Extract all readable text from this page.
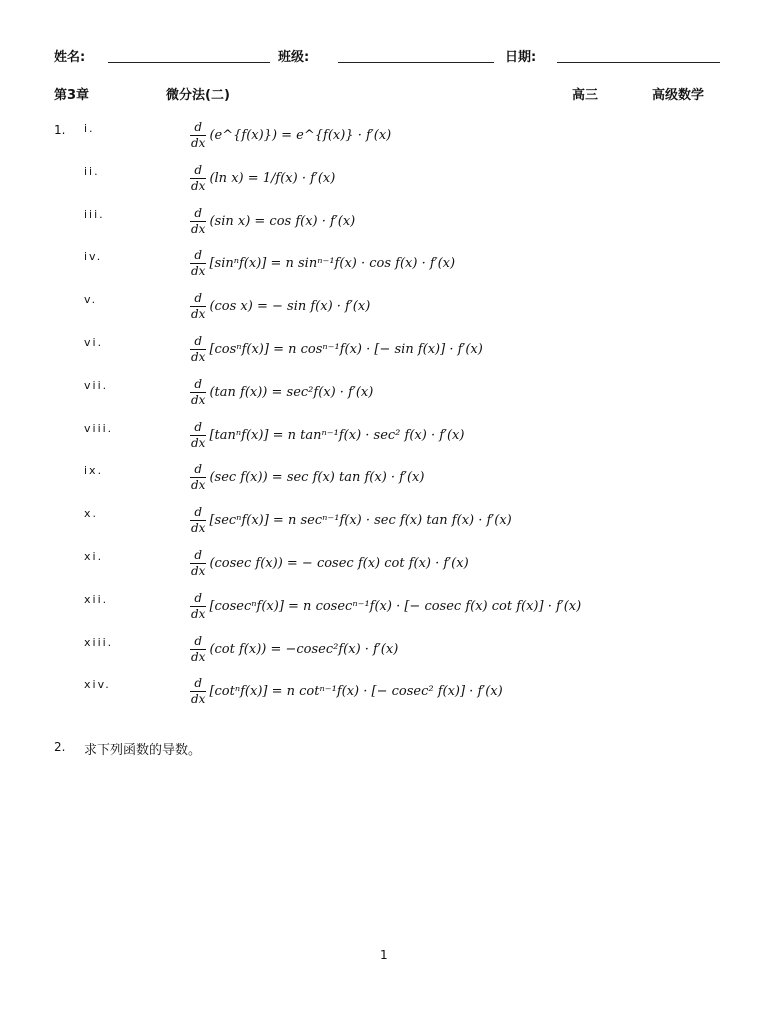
姓名:	班级:	日期:
第3章	微分法(二)	高三	高级数学
1. i.	$\frac{d}{dx}$ (e^{f(x)}) = e^{f(x)} · f′(x)
ii.	$\frac{d}{dx} (\ln$ x) = 1/f(x) · f′(x)
iii.	$\frac{d}{dx} (\sin$ x) = cos f(x) · f′(x)
iv.	$\frac{d}{dx} [\sin^nf(x)] = n$ sinⁿ⁻¹f(x) · cos f(x) · f′(x)
v.	$\frac{d}{dx} (\cos$ x) = − sin f(x) · f′(x)
vi.	$\frac{d}{dx} [\cos^nf(x)] = n$ cosⁿ⁻¹f(x) · [− sin f(x)] · f′(x)
vii.	$\frac{d}{dx} (\tan$ f(x)) = sec²f(x) · f′(x)
viii.	$\frac{d}{dx} [\tan^nf(x)] = n$ tanⁿ⁻¹f(x) · sec² f(x) · f′(x)
ix.	$\frac{d}{dx} (\sec$ f(x)) = sec f(x) tan f(x) · f′(x)
x.	$\frac{d}{dx} [\sec^nf(x)] = n$ secⁿ⁻¹f(x) · sec f(x) tan f(x) · f′(x)
xi.	$\frac{d}{dx} (cosec$ f(x)) = − cosec f(x) cot f(x) · f′(x)
xii.	$\frac{d}{dx} [cosec^nf(x)] = n$ cosecⁿ⁻¹f(x) · [− cosec f(x) cot f(x)] · f′(x)
xiii.	$\frac{d}{dx} (\cot$ f(x)) = −cosec²f(x) · f′(x)
xiv.	$\frac{d}{dx} [\cot^nf(x)] = n$ cotⁿ⁻¹f(x) · [− cosec² f(x)] · f′(x)
2. 求下列函数的导数。
1
